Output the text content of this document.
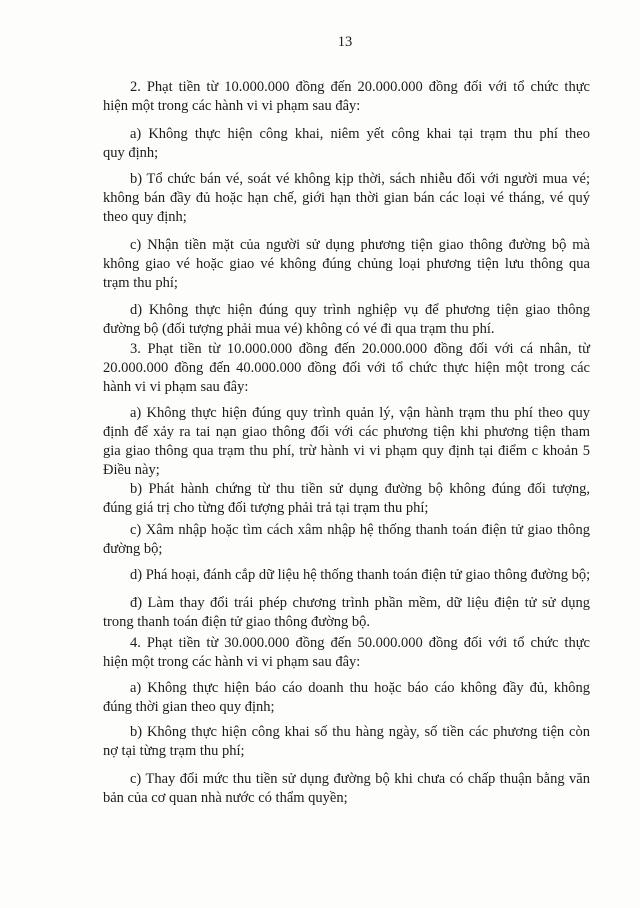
13
2. Phạt tiền từ 10.000.000 đồng đến 20.000.000 đồng đối với tổ chức thực
hiện một trong các hành vi vi phạm sau đây:
a) Không thực hiện công khai, niêm yết công khai tại trạm thu phí theo
quy định;
b) Tổ chức bán vé, soát vé không kịp thời, sách nhiễu đối với người mua vé;
không bán đầy đủ hoặc hạn chế, giới hạn thời gian bán các loại vé tháng, vé quý
theo quy định;
c) Nhận tiền mặt của người sử dụng phương tiện giao thông đường bộ mà
không giao vé hoặc giao vé không đúng chủng loại phương tiện lưu thông qua
trạm thu phí;
d) Không thực hiện đúng quy trình nghiệp vụ để phương tiện giao thông
đường bộ (đối tượng phải mua vé) không có vé đi qua trạm thu phí.
3. Phạt tiền từ 10.000.000 đồng đến 20.000.000 đồng đối với cá nhân, từ
20.000.000 đồng đến 40.000.000 đồng đối với tổ chức thực hiện một trong các
hành vi vi phạm sau đây:
a) Không thực hiện đúng quy trình quản lý, vận hành trạm thu phí theo quy
định để xảy ra tai nạn giao thông đối với các phương tiện khi phương tiện tham
gia giao thông qua trạm thu phí, trừ hành vi vi phạm quy định tại điểm c khoản 5
Điều này;
b) Phát hành chứng từ thu tiền sử dụng đường bộ không đúng đối tượng,
đúng giá trị cho từng đối tượng phải trả tại trạm thu phí;
c) Xâm nhập hoặc tìm cách xâm nhập hệ thống thanh toán điện tử giao thông
đường bộ;
d) Phá hoại, đánh cắp dữ liệu hệ thống thanh toán điện tử giao thông đường bộ;
đ) Làm thay đổi trái phép chương trình phần mềm, dữ liệu điện tử sử dụng
trong thanh toán điện tử giao thông đường bộ.
4. Phạt tiền từ 30.000.000 đồng đến 50.000.000 đồng đối với tổ chức thực
hiện một trong các hành vi vi phạm sau đây:
a) Không thực hiện báo cáo doanh thu hoặc báo cáo không đầy đủ, không
đúng thời gian theo quy định;
b) Không thực hiện công khai số thu hàng ngày, số tiền các phương tiện còn
nợ tại từng trạm thu phí;
c) Thay đổi mức thu tiền sử dụng đường bộ khi chưa có chấp thuận bằng văn
bản của cơ quan nhà nước có thẩm quyền;
